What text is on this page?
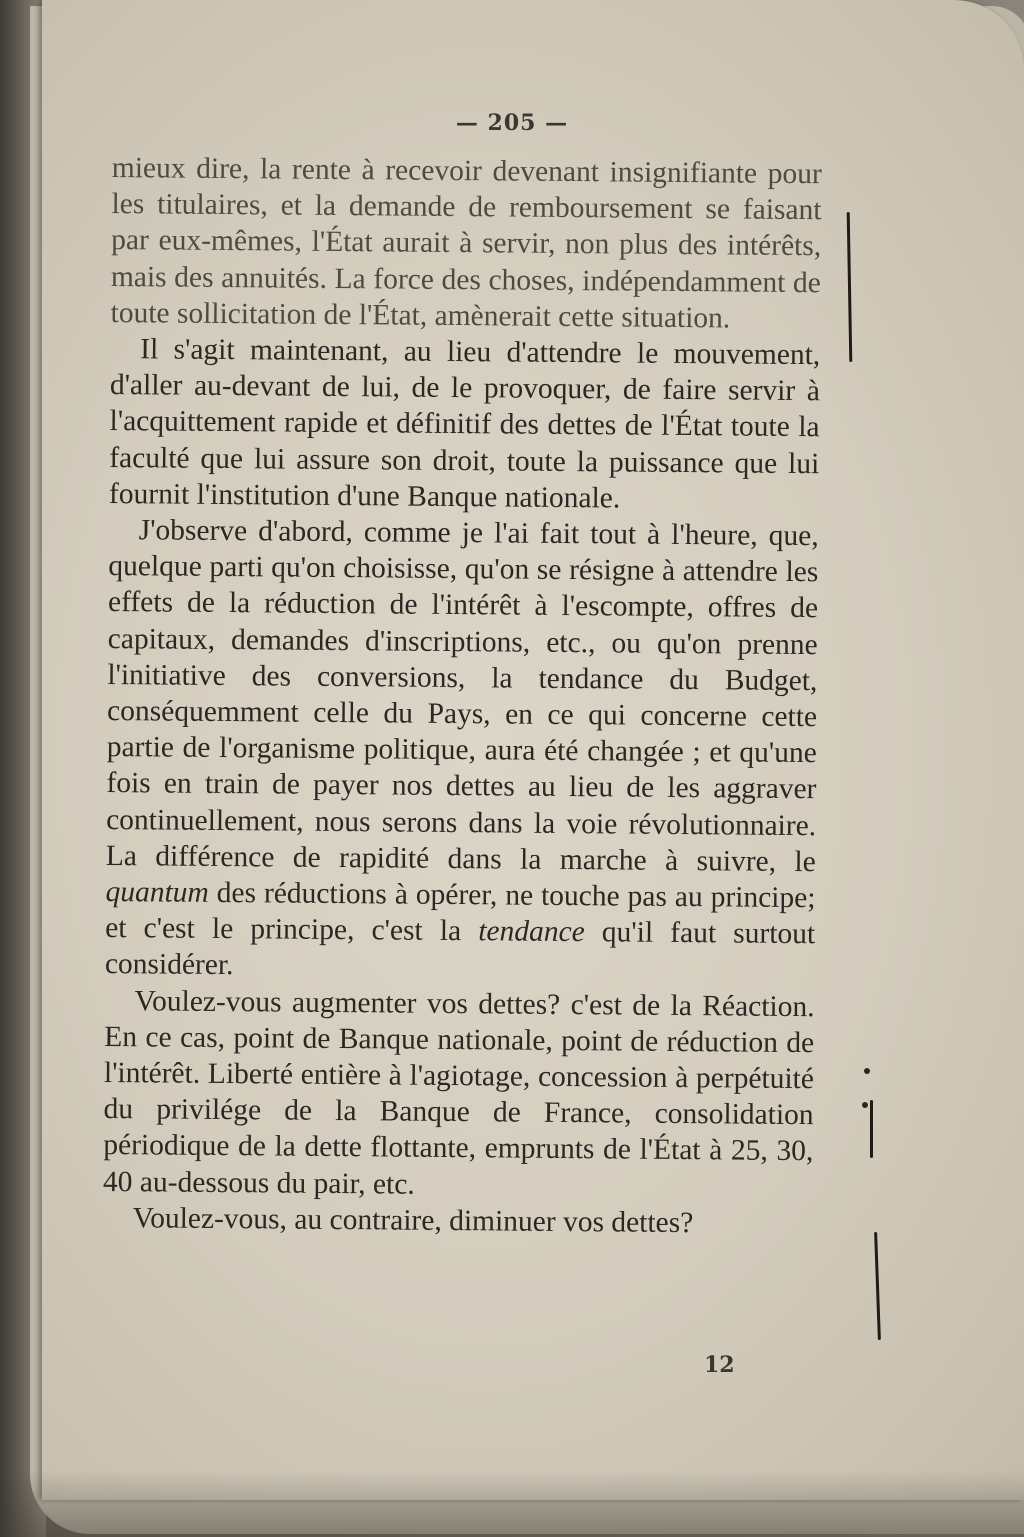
— 205 —

mieux dire, la rente à recevoir devenant insignifiante pour les titulaires, et la demande de remboursement se faisant par eux-mêmes, l'État aurait à servir, non plus des intérêts, mais des annuités. La force des choses, indépendamment de toute sollicitation de l'État, amènerait cette situation.

Il s'agit maintenant, au lieu d'attendre le mouvement, d'aller au-devant de lui, de le provoquer, de faire servir à l'acquittement rapide et définitif des dettes de l'État toute la faculté que lui assure son droit, toute la puissance que lui fournit l'institution d'une Banque nationale.

J'observe d'abord, comme je l'ai fait tout à l'heure, que, quelque parti qu'on choisisse, qu'on se résigne à attendre les effets de la réduction de l'intérêt à l'escompte, offres de capitaux, demandes d'inscriptions, etc., ou qu'on prenne l'initiative des conversions, la tendance du Budget, conséquemment celle du Pays, en ce qui concerne cette partie de l'organisme politique, aura été changée ; et qu'une fois en train de payer nos dettes au lieu de les aggraver continuellement, nous serons dans la voie révolutionnaire. La différence de rapidité dans la marche à suivre, le quantum des réductions à opérer, ne touche pas au principe; et c'est le principe, c'est la tendance qu'il faut surtout considérer.

Voulez-vous augmenter vos dettes? c'est de la Réaction. En ce cas, point de Banque nationale, point de réduction de l'intérêt. Liberté entière à l'agiotage, concession à perpétuité du privilége de la Banque de France, consolidation périodique de la dette flottante, emprunts de l'État à 25, 30, 40 au-dessous du pair, etc.

Voulez-vous, au contraire, diminuer vos dettes?

12
